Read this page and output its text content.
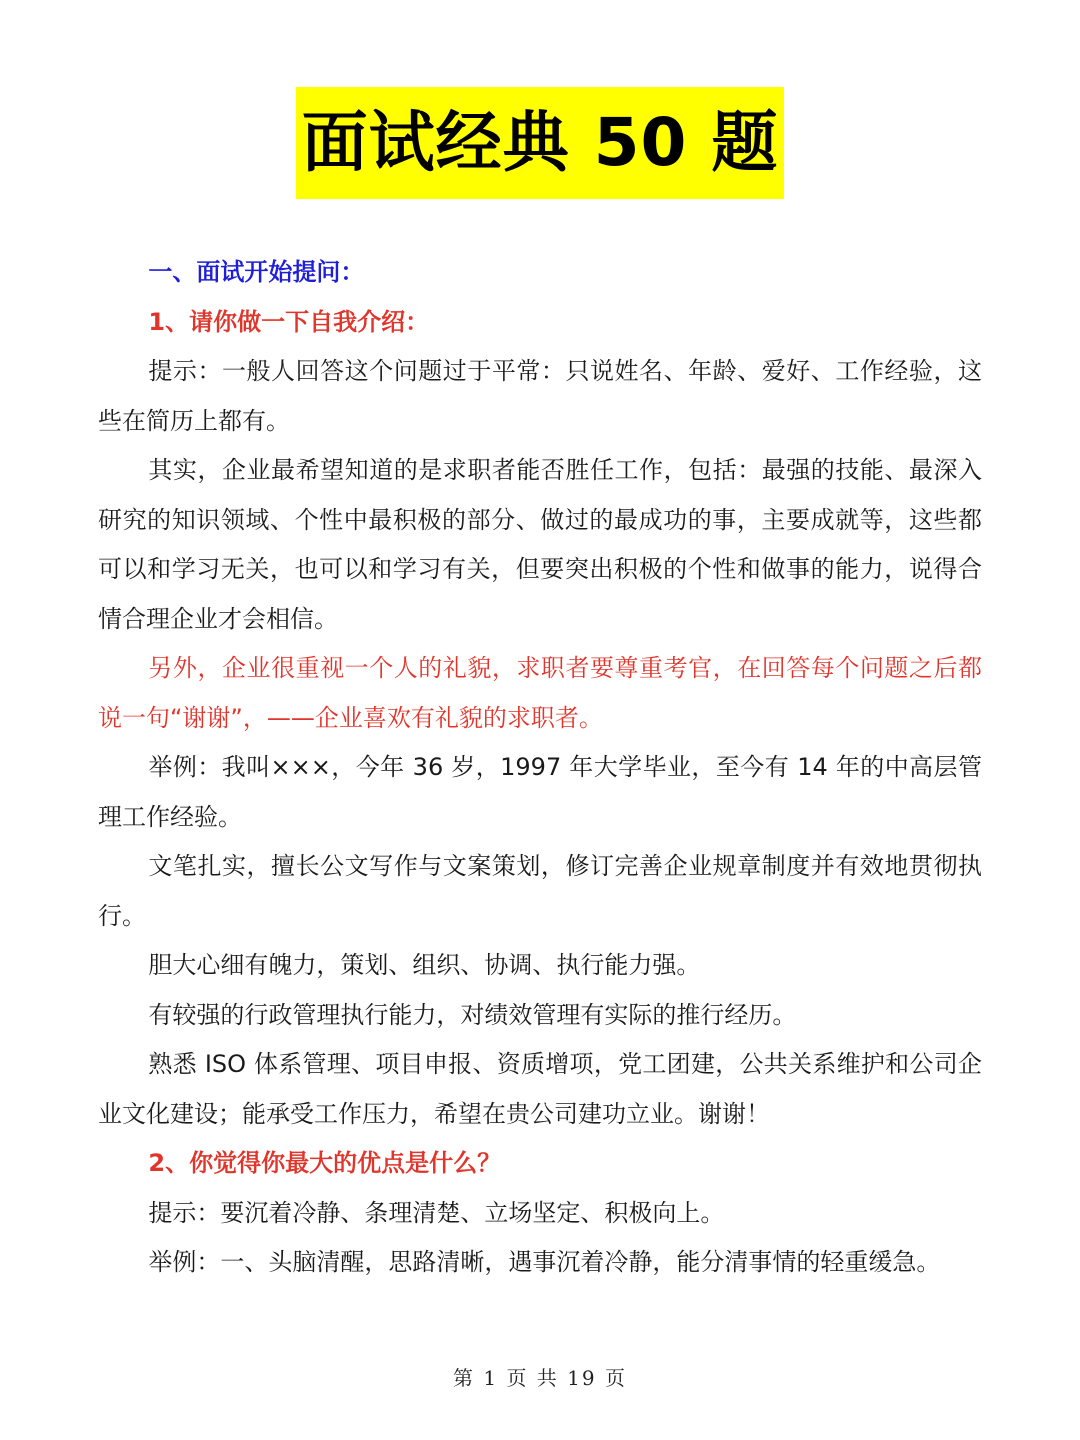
面试经典 50 题

一、面试开始提问：

1、请你做一下自我介绍：

提示：一般人回答这个问题过于平常：只说姓名、年龄、爱好、工作经验，这些在简历上都有。

其实，企业最希望知道的是求职者能否胜任工作，包括：最强的技能、最深入研究的知识领域、个性中最积极的部分、做过的最成功的事，主要成就等，这些都可以和学习无关，也可以和学习有关，但要突出积极的个性和做事的能力，说得合情合理企业才会相信。

另外，企业很重视一个人的礼貌，求职者要尊重考官，在回答每个问题之后都说一句“谢谢”，——企业喜欢有礼貌的求职者。

举例：我叫×××，今年 36 岁，1997 年大学毕业，至今有 14 年的中高层管理工作经验。

文笔扎实，擅长公文写作与文案策划，修订完善企业规章制度并有效地贯彻执行。

胆大心细有魄力，策划、组织、协调、执行能力强。

有较强的行政管理执行能力，对绩效管理有实际的推行经历。

熟悉 ISO 体系管理、项目申报、资质增项，党工团建，公共关系维护和公司企业文化建设；能承受工作压力，希望在贵公司建功立业。谢谢！

2、你觉得你最大的优点是什么？

提示：要沉着冷静、条理清楚、立场坚定、积极向上。

举例：一、头脑清醒，思路清晰，遇事沉着冷静，能分清事情的轻重缓急。

第 1 页 共 19 页
